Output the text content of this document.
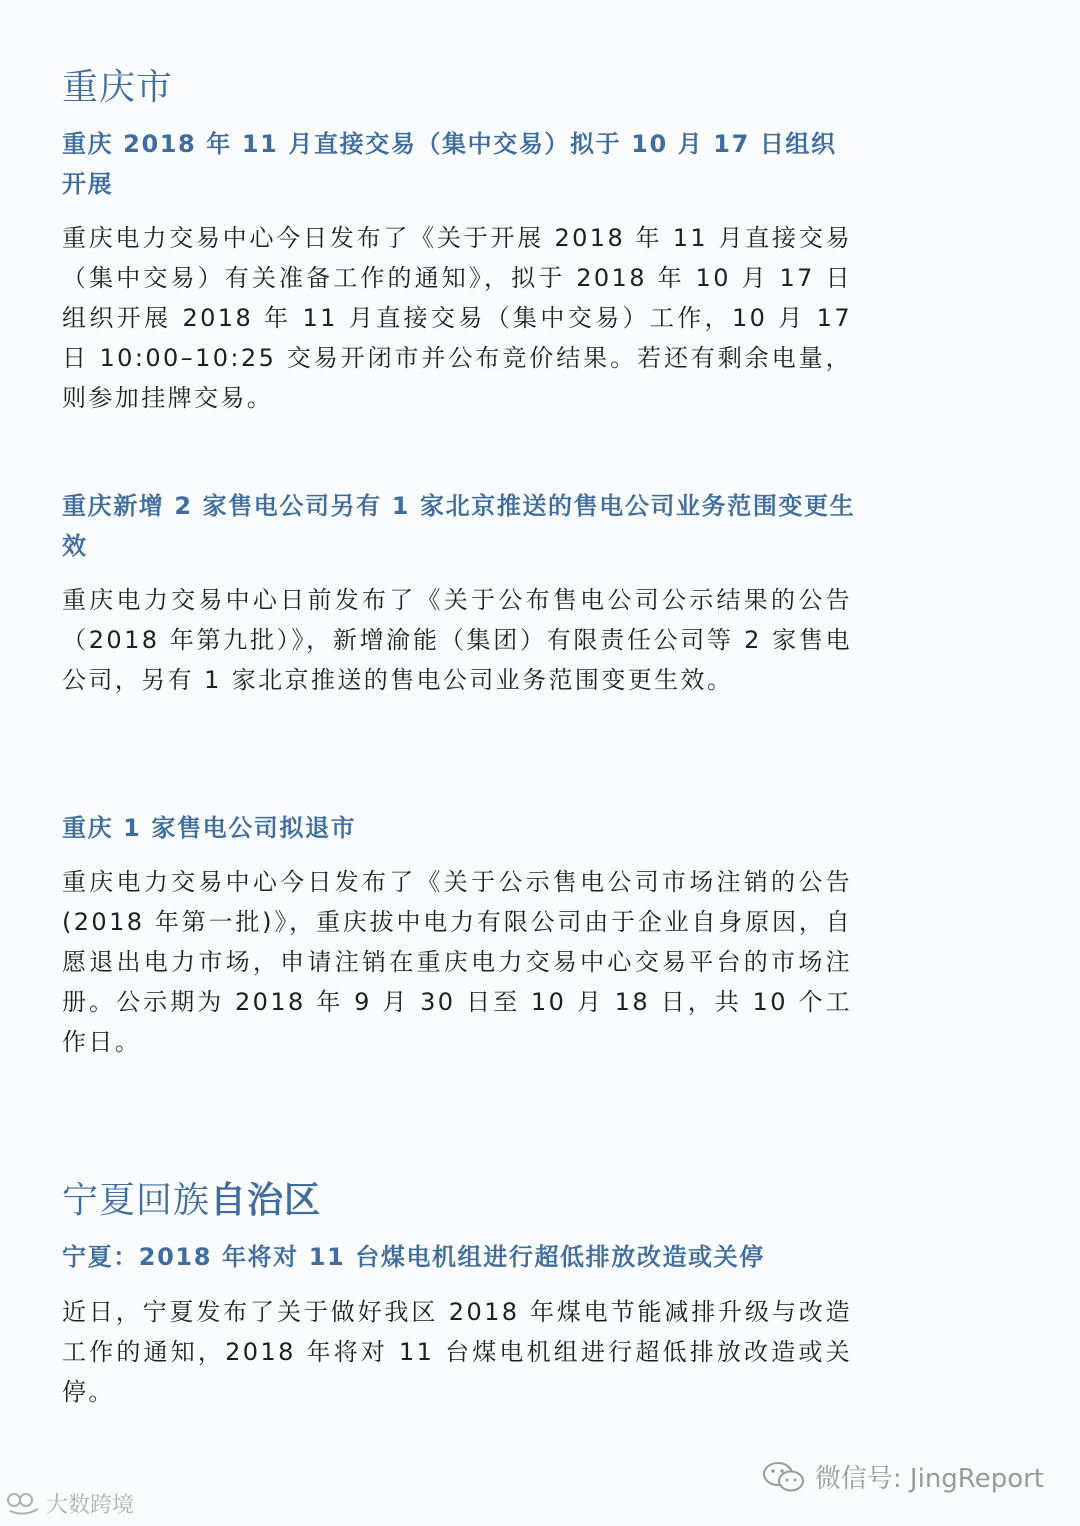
重庆市
重庆 2018 年 11 月直接交易（集中交易）拟于 10 月 17 日组织开展
重庆电力交易中心今日发布了《关于开展 2018 年 11 月直接交易（集中交易）有关准备工作的通知》，拟于 2018 年 10 月 17 日组织开展 2018 年 11 月直接交易（集中交易）工作，10 月 17 日 10:00–10:25 交易开闭市并公布竞价结果。若还有剩余电量，则参加挂牌交易。
重庆新增 2 家售电公司另有 1 家北京推送的售电公司业务范围变更生效
重庆电力交易中心日前发布了《关于公布售电公司公示结果的公告（2018 年第九批）》，新增渝能（集团）有限责任公司等 2 家售电公司，另有 1 家北京推送的售电公司业务范围变更生效。
重庆 1 家售电公司拟退市
重庆电力交易中心今日发布了《关于公示售电公司市场注销的公告(2018 年第一批)》，重庆拔中电力有限公司由于企业自身原因，自愿退出电力市场，申请注销在重庆电力交易中心交易平台的市场注册。公示期为 2018 年 9 月 30 日至 10 月 18 日，共 10 个工作日。
宁夏回族自治区
宁夏：2018 年将对 11 台煤电机组进行超低排放改造或关停
近日，宁夏发布了关于做好我区 2018 年煤电节能减排升级与改造工作的通知，2018 年将对 11 台煤电机组进行超低排放改造或关停。
微信号: JingReport
大数跨境
